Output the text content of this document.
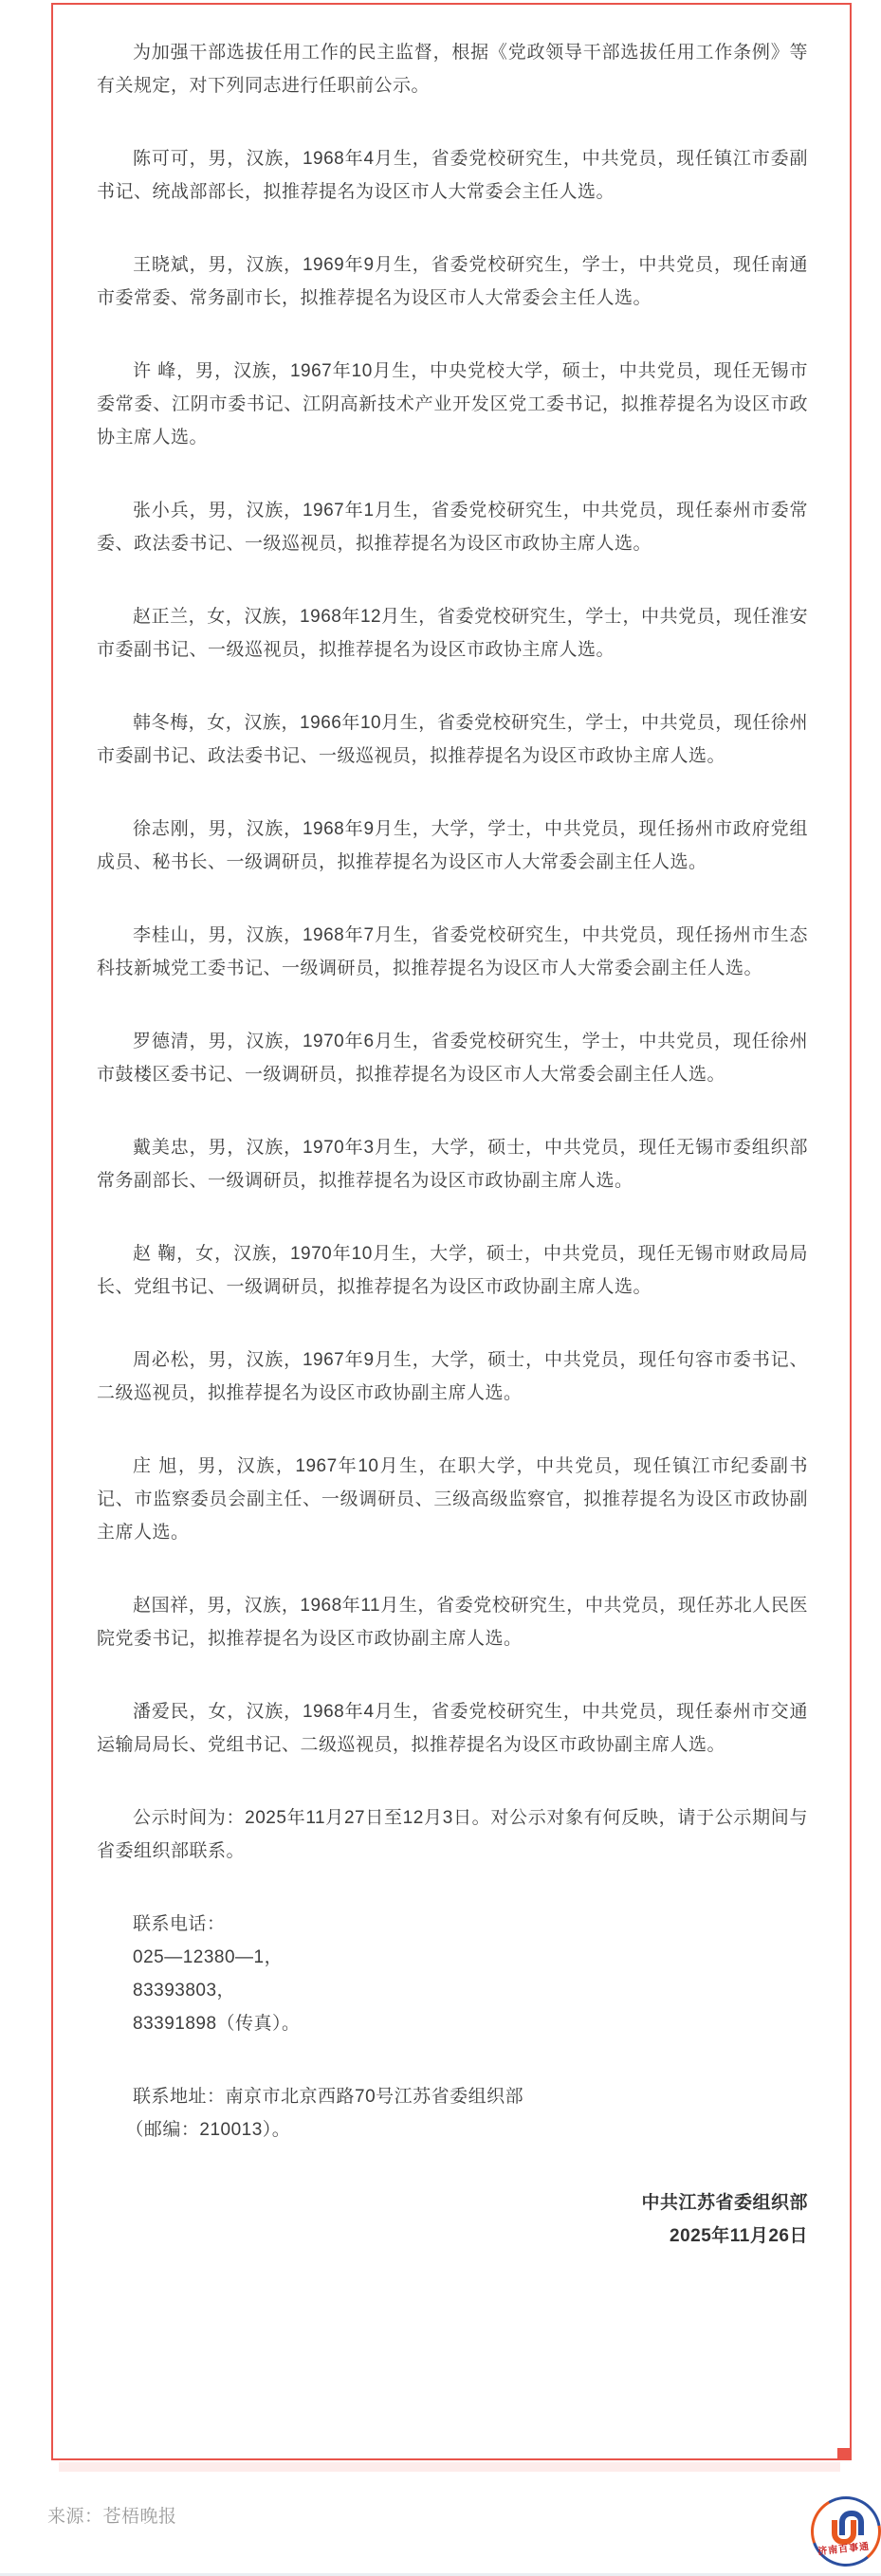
为加强干部选拔任用工作的民主监督，根据《党政领导干部选拔任用工作条例》等有关规定，对下列同志进行任职前公示。

陈可可，男，汉族，1968年4月生，省委党校研究生，中共党员，现任镇江市委副书记、统战部部长，拟推荐提名为设区市人大常委会主任人选。

王晓斌，男，汉族，1969年9月生，省委党校研究生，学士，中共党员，现任南通市委常委、常务副市长，拟推荐提名为设区市人大常委会主任人选。

许 峰，男，汉族，1967年10月生，中央党校大学，硕士，中共党员，现任无锡市委常委、江阴市委书记、江阴高新技术产业开发区党工委书记，拟推荐提名为设区市政协主席人选。

张小兵，男，汉族，1967年1月生，省委党校研究生，中共党员，现任泰州市委常委、政法委书记、一级巡视员，拟推荐提名为设区市政协主席人选。

赵正兰，女，汉族，1968年12月生，省委党校研究生，学士，中共党员，现任淮安市委副书记、一级巡视员，拟推荐提名为设区市政协主席人选。

韩冬梅，女，汉族，1966年10月生，省委党校研究生，学士，中共党员，现任徐州市委副书记、政法委书记、一级巡视员，拟推荐提名为设区市政协主席人选。

徐志刚，男，汉族，1968年9月生，大学，学士，中共党员，现任扬州市政府党组成员、秘书长、一级调研员，拟推荐提名为设区市人大常委会副主任人选。

李桂山，男，汉族，1968年7月生，省委党校研究生，中共党员，现任扬州市生态科技新城党工委书记、一级调研员，拟推荐提名为设区市人大常委会副主任人选。

罗德清，男，汉族，1970年6月生，省委党校研究生，学士，中共党员，现任徐州市鼓楼区委书记、一级调研员，拟推荐提名为设区市人大常委会副主任人选。

戴美忠，男，汉族，1970年3月生，大学，硕士，中共党员，现任无锡市委组织部常务副部长、一级调研员，拟推荐提名为设区市政协副主席人选。

赵 鞠，女，汉族，1970年10月生，大学，硕士，中共党员，现任无锡市财政局局长、党组书记、一级调研员，拟推荐提名为设区市政协副主席人选。

周必松，男，汉族，1967年9月生，大学，硕士，中共党员，现任句容市委书记、二级巡视员，拟推荐提名为设区市政协副主席人选。

庄 旭，男，汉族，1967年10月生，在职大学，中共党员，现任镇江市纪委副书记、市监察委员会副主任、一级调研员、三级高级监察官，拟推荐提名为设区市政协副主席人选。

赵国祥，男，汉族，1968年11月生，省委党校研究生，中共党员，现任苏北人民医院党委书记，拟推荐提名为设区市政协副主席人选。

潘爱民，女，汉族，1968年4月生，省委党校研究生，中共党员，现任泰州市交通运输局局长、党组书记、二级巡视员，拟推荐提名为设区市政协副主席人选。

公示时间为：2025年11月27日至12月3日。对公示对象有何反映，请于公示期间与省委组织部联系。

联系电话：

025—12380—1，

83393803，

83391898（传真）。

联系地址：南京市北京西路70号江苏省委组织部

（邮编：210013）。

中共江苏省委组织部

2025年11月26日

来源：苍梧晚报
济南百事通
